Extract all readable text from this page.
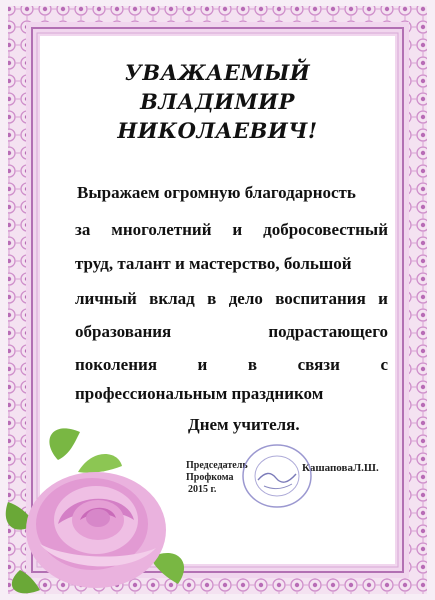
УВАЖАЕМЫЙ
ВЛАДИМИР
НИКОЛАЕВИЧ!
Выражаем огромную благодарность
за многолетний и добросовестный
труд, талант и мастерство, большой
личный вклад в дело воспитания и
образования	подрастающего
поколения и в связи с
профессиональным праздником
Днем учителя.
Председатель
Профкома
2015 г.
КашаповаЛ.Ш.
